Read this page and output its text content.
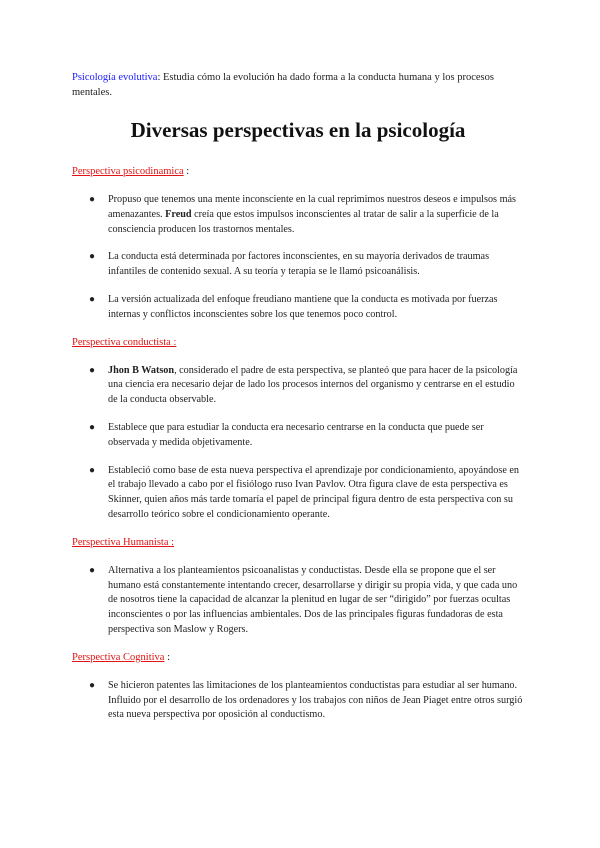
Psicología evolutiva: Estudia cómo la evolución ha dado forma a la conducta humana y los procesos mentales.

Diversas perspectivas en la psicología

Perspectiva psicodinamica :

● Propuso que tenemos una mente inconsciente en la cual reprimimos nuestros deseos e impulsos más amenazantes. Freud creía que estos impulsos inconscientes al tratar de salir a la superficie de la consciencia producen los trastornos mentales.
● La conducta está determinada por factores inconscientes, en su mayoría derivados de traumas infantiles de contenido sexual. A su teoría y terapia se le llamó psicoanálisis.
● La versión actualizada del enfoque freudiano mantiene que la conducta es motivada por fuerzas internas y conflictos inconscientes sobre los que tenemos poco control.

Perspectiva conductista :

● Jhon B Watson, considerado el padre de esta perspectiva, se planteó que para hacer de la psicología una ciencia era necesario dejar de lado los procesos internos del organismo y centrarse en el estudio de la conducta observable.
● Establece que para estudiar la conducta era necesario centrarse en la conducta que puede ser observada y medida objetivamente.
● Estableció como base de esta nueva perspectiva el aprendizaje por condicionamiento, apoyándose en el trabajo llevado a cabo por el fisiólogo ruso Ivan Pavlov. Otra figura clave de esta perspectiva es Skinner, quien años más tarde tomaría el papel de principal figura dentro de esta perspectiva con su desarrollo teórico sobre el condicionamiento operante.

Perspectiva Humanista :

● Alternativa a los planteamientos psicoanalistas y conductistas. Desde ella se propone que el ser humano está constantemente intentando crecer, desarrollarse y dirigir su propia vida, y que cada uno de nosotros tiene la capacidad de alcanzar la plenitud en lugar de ser “dirigido” por fuerzas ocultas inconscientes o por las influencias ambientales. Dos de las principales figuras fundadoras de esta perspectiva son Maslow y Rogers.

Perspectiva Cognitiva :

● Se hicieron patentes las limitaciones de los planteamientos conductistas para estudiar al ser humano. Influido por el desarrollo de los ordenadores y los trabajos con niños de Jean Piaget entre otros surgió esta nueva perspectiva por oposición al conductismo.
